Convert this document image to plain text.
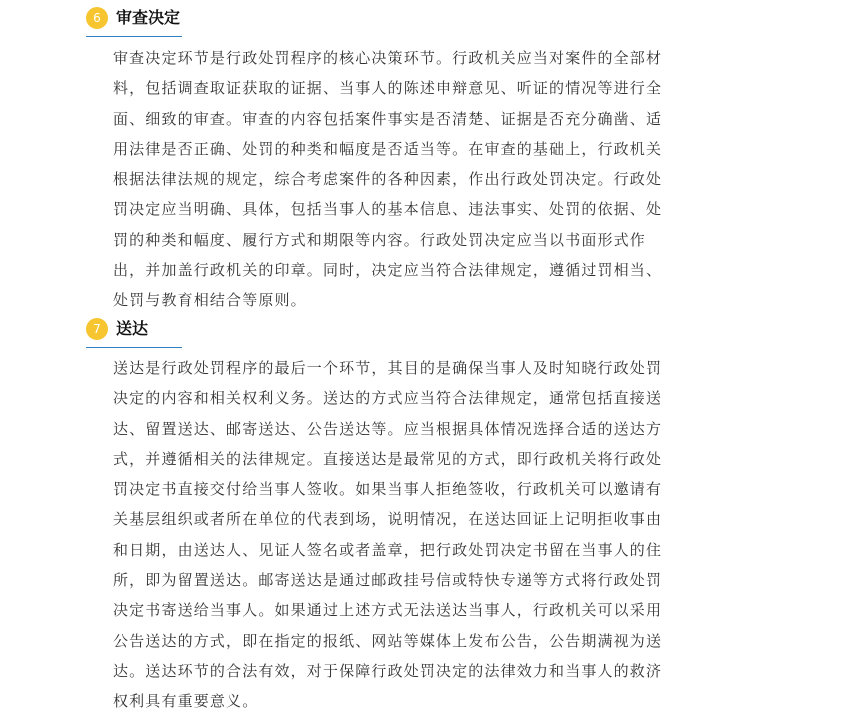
6 审查决定
审查决定环节是行政处罚程序的核心决策环节。行政机关应当对案件的全部材
料，包括调查取证获取的证据、当事人的陈述申辩意见、听证的情况等进行全
面、细致的审查。审查的内容包括案件事实是否清楚、证据是否充分确凿、适
用法律是否正确、处罚的种类和幅度是否适当等。在审查的基础上，行政机关
根据法律法规的规定，综合考虑案件的各种因素，作出行政处罚决定。行政处
罚决定应当明确、具体，包括当事人的基本信息、违法事实、处罚的依据、处
罚的种类和幅度、履行方式和期限等内容。行政处罚决定应当以书面形式作
出，并加盖行政机关的印章。同时，决定应当符合法律规定，遵循过罚相当、
处罚与教育相结合等原则。
7 送达
送达是行政处罚程序的最后一个环节，其目的是确保当事人及时知晓行政处罚
决定的内容和相关权利义务。送达的方式应当符合法律规定，通常包括直接送
达、留置送达、邮寄送达、公告送达等。应当根据具体情况选择合适的送达方
式，并遵循相关的法律规定。直接送达是最常见的方式，即行政机关将行政处
罚决定书直接交付给当事人签收。如果当事人拒绝签收，行政机关可以邀请有
关基层组织或者所在单位的代表到场，说明情况，在送达回证上记明拒收事由
和日期，由送达人、见证人签名或者盖章，把行政处罚决定书留在当事人的住
所，即为留置送达。邮寄送达是通过邮政挂号信或特快专递等方式将行政处罚
决定书寄送给当事人。如果通过上述方式无法送达当事人，行政机关可以采用
公告送达的方式，即在指定的报纸、网站等媒体上发布公告，公告期满视为送
达。送达环节的合法有效，对于保障行政处罚决定的法律效力和当事人的救济
权利具有重要意义。
